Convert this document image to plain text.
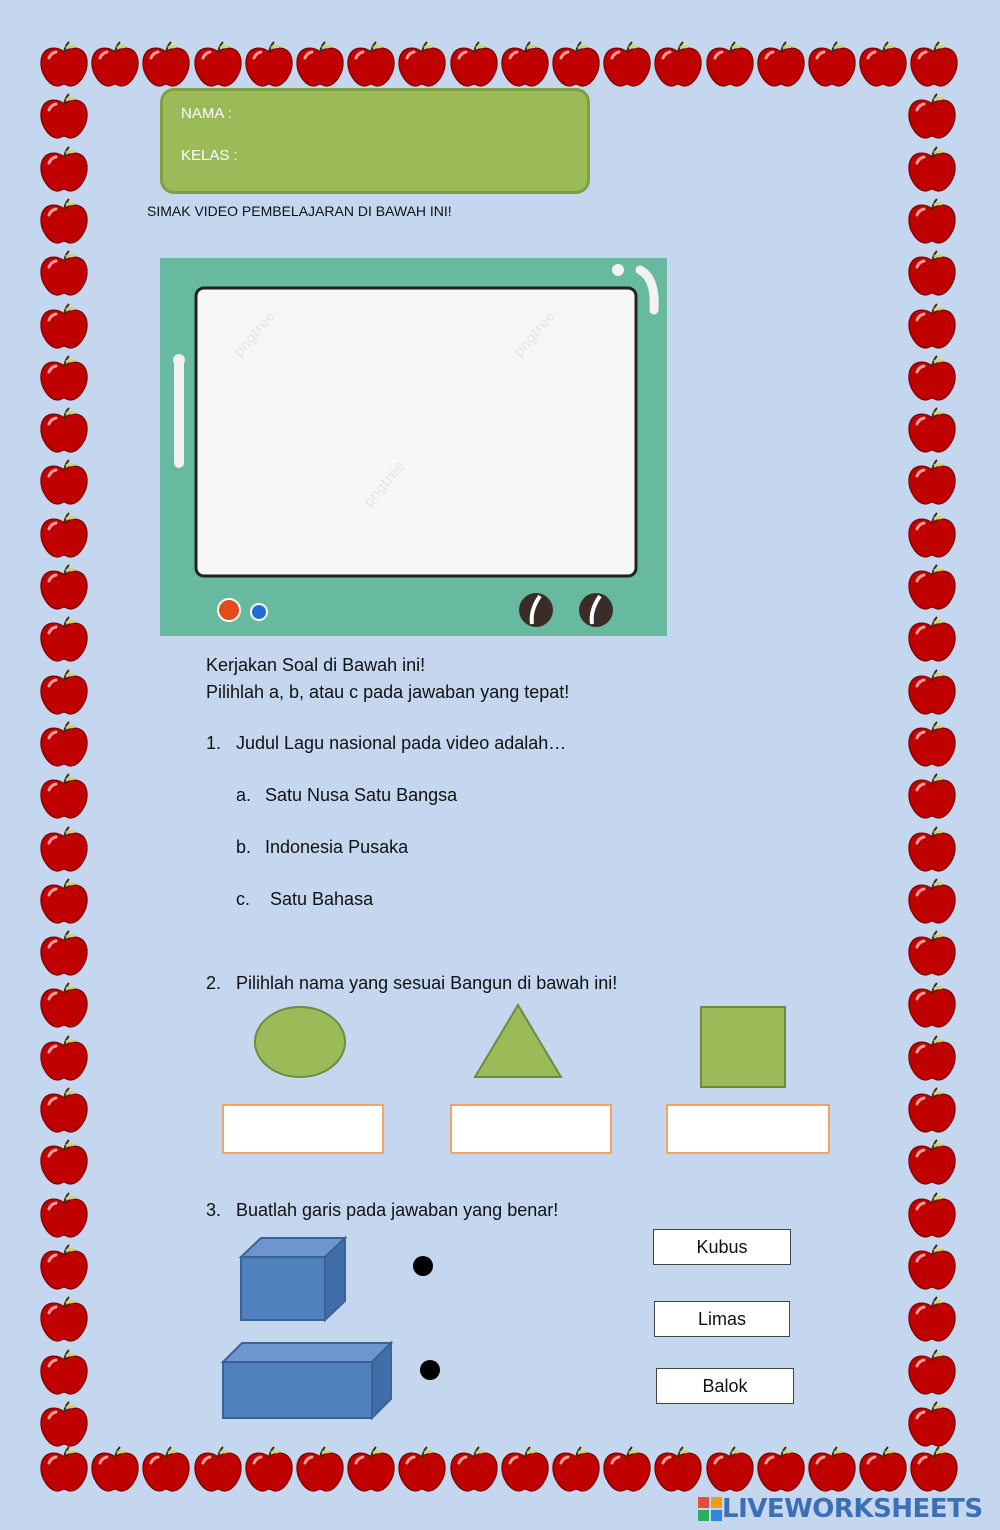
NAMA :
KELAS :
SIMAK VIDEO PEMBELAJARAN DI BAWAH INI!
pngtree	pngtree
pngtree
Kerjakan Soal di Bawah ini!
Pilihlah a, b, atau c pada jawaban yang tepat!
1. Judul Lagu nasional pada video adalah…
a. Satu Nusa Satu Bangsa
b. Indonesia Pusaka
c. Satu Bahasa
2. Pilihlah nama yang sesuai Bangun di bawah ini!
3. Buatlah garis pada jawaban yang benar!
Kubus
Limas
Balok
LIVEWORKSHEETS
